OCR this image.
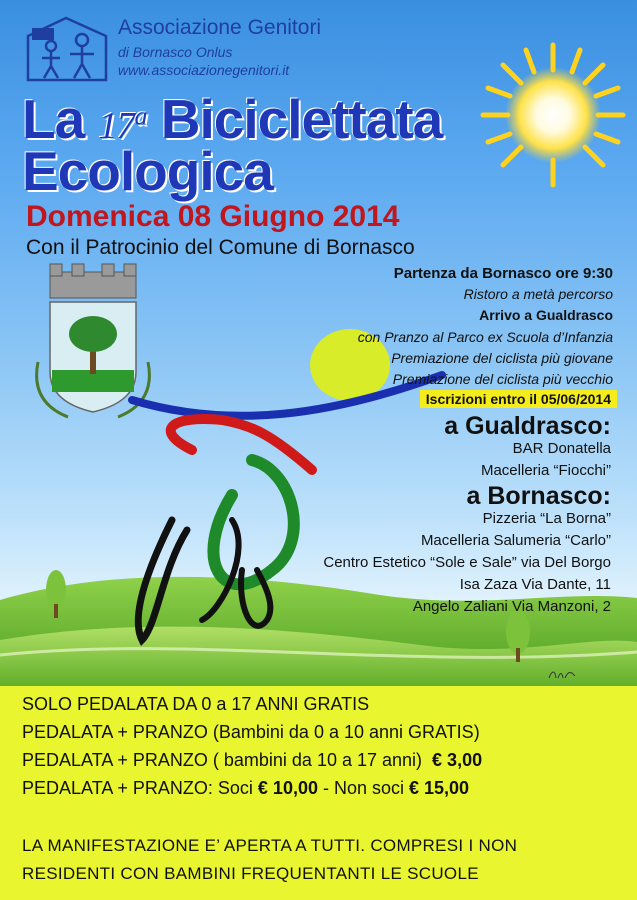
Associazione Genitori
di Bornasco Onlus
www.associazionegenitori.it
La 17$^a$ Biciclettata
Ecologica
Domenica 08 Giugno 2014
Con il Patrocinio del Comune di Bornasco
Partenza da Bornasco ore 9:30
Ristoro a metà percorso
Arrivo a Gualdrasco
con Pranzo al Parco ex Scuola d’Infanzia
Premiazione del ciclista più giovane
Premiazione del ciclista più vecchio
Iscrizioni entro il 05/06/2014
a Gualdrasco:
BAR Donatella
Macelleria “Fiocchi”
a Bornasco:
Pizzeria “La Borna”
Macelleria Salumeria “Carlo”
Centro Estetico “Sole e Sale” via Del Borgo
Isa Zaza Via Dante, 11
Angelo Zaliani Via Manzoni, 2
SOLO PEDALATA DA 0 a 17 ANNI GRATIS
PEDALATA + PRANZO (Bambini da 0 a 10 anni GRATIS)
PEDALATA + PRANZO ( bambini da 10 a 17 anni) € 3,00
PEDALATA + PRANZO: Soci € 10,00 - Non soci € 15,00
LA MANIFESTAZIONE E’ APERTA A TUTTI. COMPRESI I NON
RESIDENTI CON BAMBINI FREQUENTANTI LE SCUOLE
